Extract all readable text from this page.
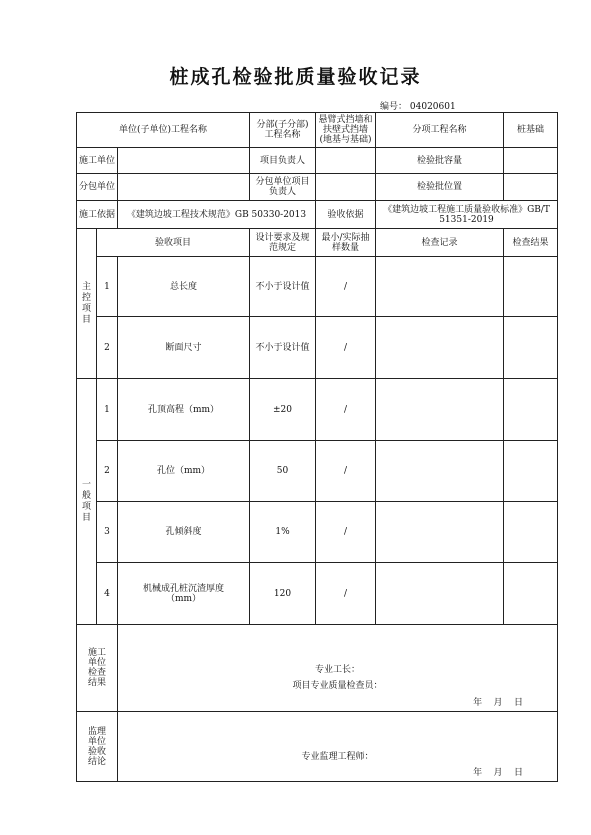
桩成孔检验批质量验收记录
编号： 04020601
单位(子单位)工程名称			分部(子分部)工程名称	悬臂式挡墙和扶壁式挡墙(地基与基础)	分项工程名称	桩基础
施工单位			项目负责人		检验批容量	
分包单位			分包单位项目负责人		检验批位置	
施工依据		《建筑边坡工程技术规范》GB 50330-2013		验收依据	《建筑边坡工程施工质量验收标准》GB/T 51351-2019	
主控项目	验收项目		设计要求及规范规定	最小/实际抽样数量	检查记录	检查结果
	1	总长度	不小于设计值	/		
	2	断面尺寸	不小于设计值	/		
一般项目	1	孔顶高程（mm）	±20	/		
	2	孔位（mm）	50	/		
	3	孔倾斜度	1%	/		
	4	机械成孔桩沉渣厚度（mm）	120	/		
施工单位检查结果		专业工长：
项目专业质量检查员：
年    月    日				

监理单位验收结论		专业监理工程师：
年    月    日				
